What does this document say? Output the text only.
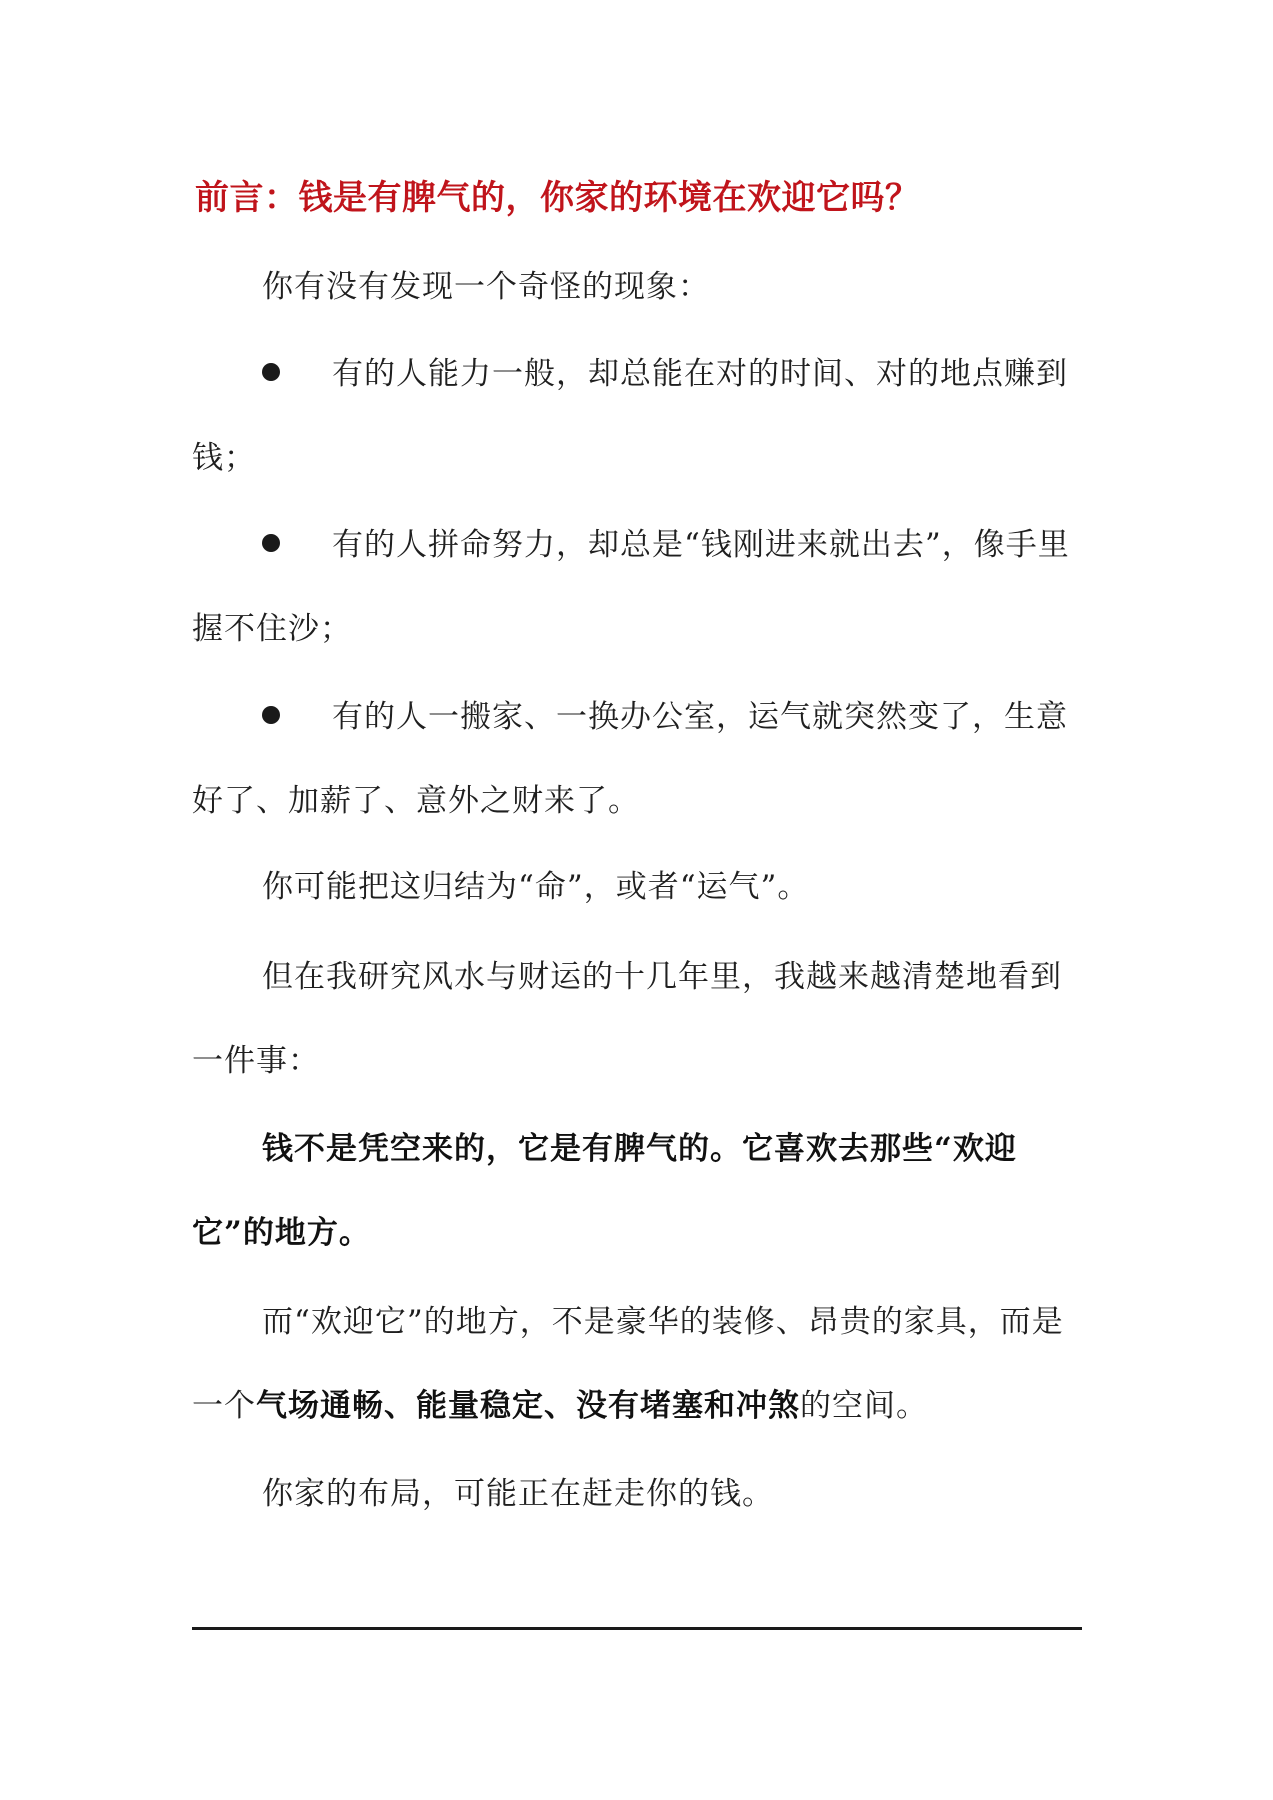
前言：钱是有脾气的，你家的环境在欢迎它吗？
你有没有发现一个奇怪的现象：
有的人能力一般，却总能在对的时间、对的地点赚到钱；
有的人拼命努力，却总是“钱刚进来就出去”，像手里握不住沙；
有的人一搬家、一换办公室，运气就突然变了，生意好了、加薪了、意外之财来了。
你可能把这归结为“命”，或者“运气”。
但在我研究风水与财运的十几年里，我越来越清楚地看到一件事：
钱不是凭空来的，它是有脾气的。它喜欢去那些“欢迎它”的地方。
而“欢迎它”的地方，不是豪华的装修、昂贵的家具，而是一个气场通畅、能量稳定、没有堵塞和冲煞的空间。
你家的布局，可能正在赶走你的钱。
